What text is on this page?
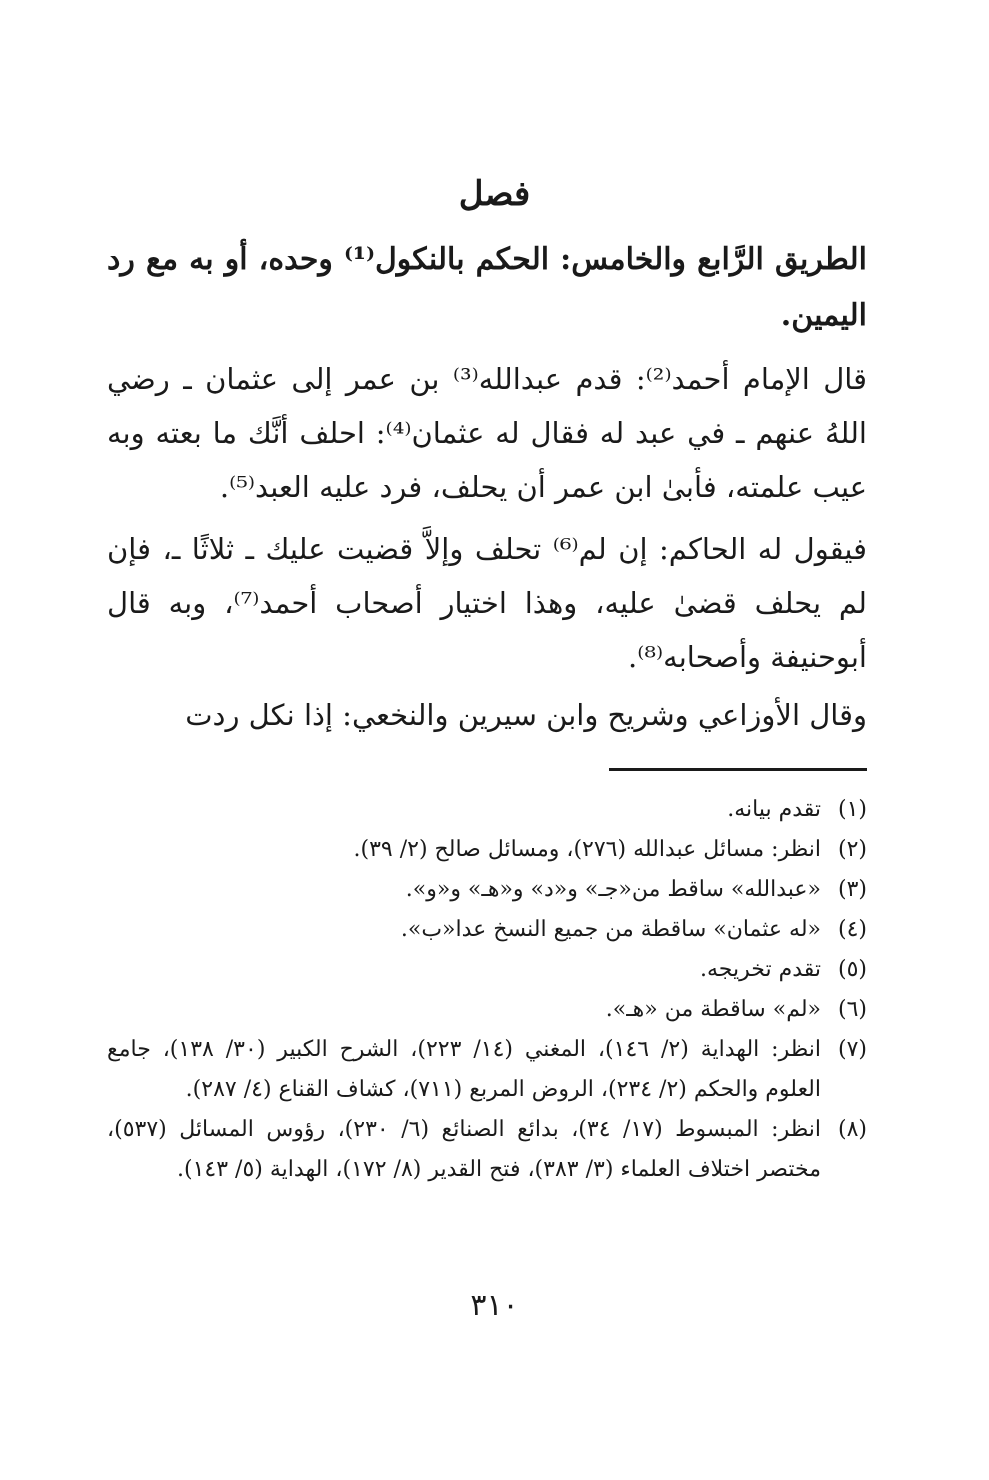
فصل
الطريق الرَّابع والخامس: الحكم بالنكول⁽¹⁾ وحده، أو به مع رد اليمين.
قال الإمام أحمد⁽²⁾: قدم عبدالله⁽³⁾ بن عمر إلى عثمان ـ رضي اللهُ عنهم ـ في عبد له فقال له عثمان⁽⁴⁾: احلف أنَّك ما بعته وبه عيب علمته، فأبىٰ ابن عمر أن يحلف، فرد عليه العبد⁽⁵⁾.
فيقول له الحاكم: إن لم⁽⁶⁾ تحلف وإلاَّ قضيت عليك ـ ثلاثًا ـ، فإن لم يحلف قضىٰ عليه، وهذا اختيار أصحاب أحمد⁽⁷⁾، وبه قال أبوحنيفة وأصحابه⁽⁸⁾.
وقال الأوزاعي وشريح وابن سيرين والنخعي: إذا نكل ردت
(١)
تقدم بيانه.
(٢)
انظر: مسائل عبدالله (٢٧٦)، ومسائل صالح (٢/ ٣٩).
(٣)
«عبدالله» ساقط من«جـ» و«د» و«هـ» و«و».
(٤)
«له عثمان» ساقطة من جميع النسخ عدا«ب».
(٥)
تقدم تخريجه.
(٦)
«لم» ساقطة من «هـ».
(٧)
انظر: الهداية (٢/ ١٤٦)، المغني (١٤/ ٢٢٣)، الشرح الكبير (٣٠/ ١٣٨)، جامع العلوم والحكم (٢/ ٢٣٤)، الروض المربع (٧١١)، كشاف القناع (٤/ ٢٨٧).
(٨)
انظر: المبسوط (١٧/ ٣٤)، بدائع الصنائع (٦/ ٢٣٠)، رؤوس المسائل (٥٣٧)، مختصر اختلاف العلماء (٣/ ٣٨٣)، فتح القدير (٨/ ١٧٢)، الهداية (٥/ ١٤٣).
٣١٠
